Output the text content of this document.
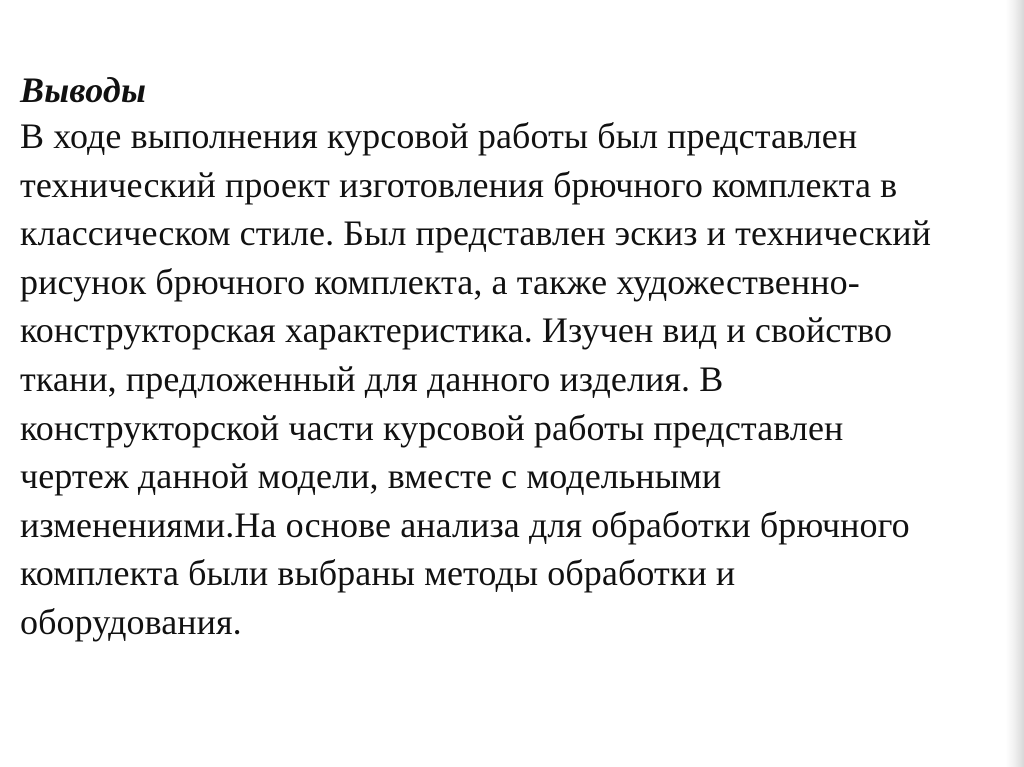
Выводы

В ходе выполнения курсовой работы был представлен

технический проект изготовления брючного комплекта в

классическом стиле. Был представлен эскиз и технический

рисунок брючного комплекта, а также художественно-

конструкторская характеристика. Изучен вид и свойство

ткани, предложенный для данного изделия. В

конструкторской части курсовой работы представлен

чертеж данной модели, вместе с модельными

изменениями.На основе анализа для обработки брючного

комплекта были выбраны методы обработки и

оборудования.
